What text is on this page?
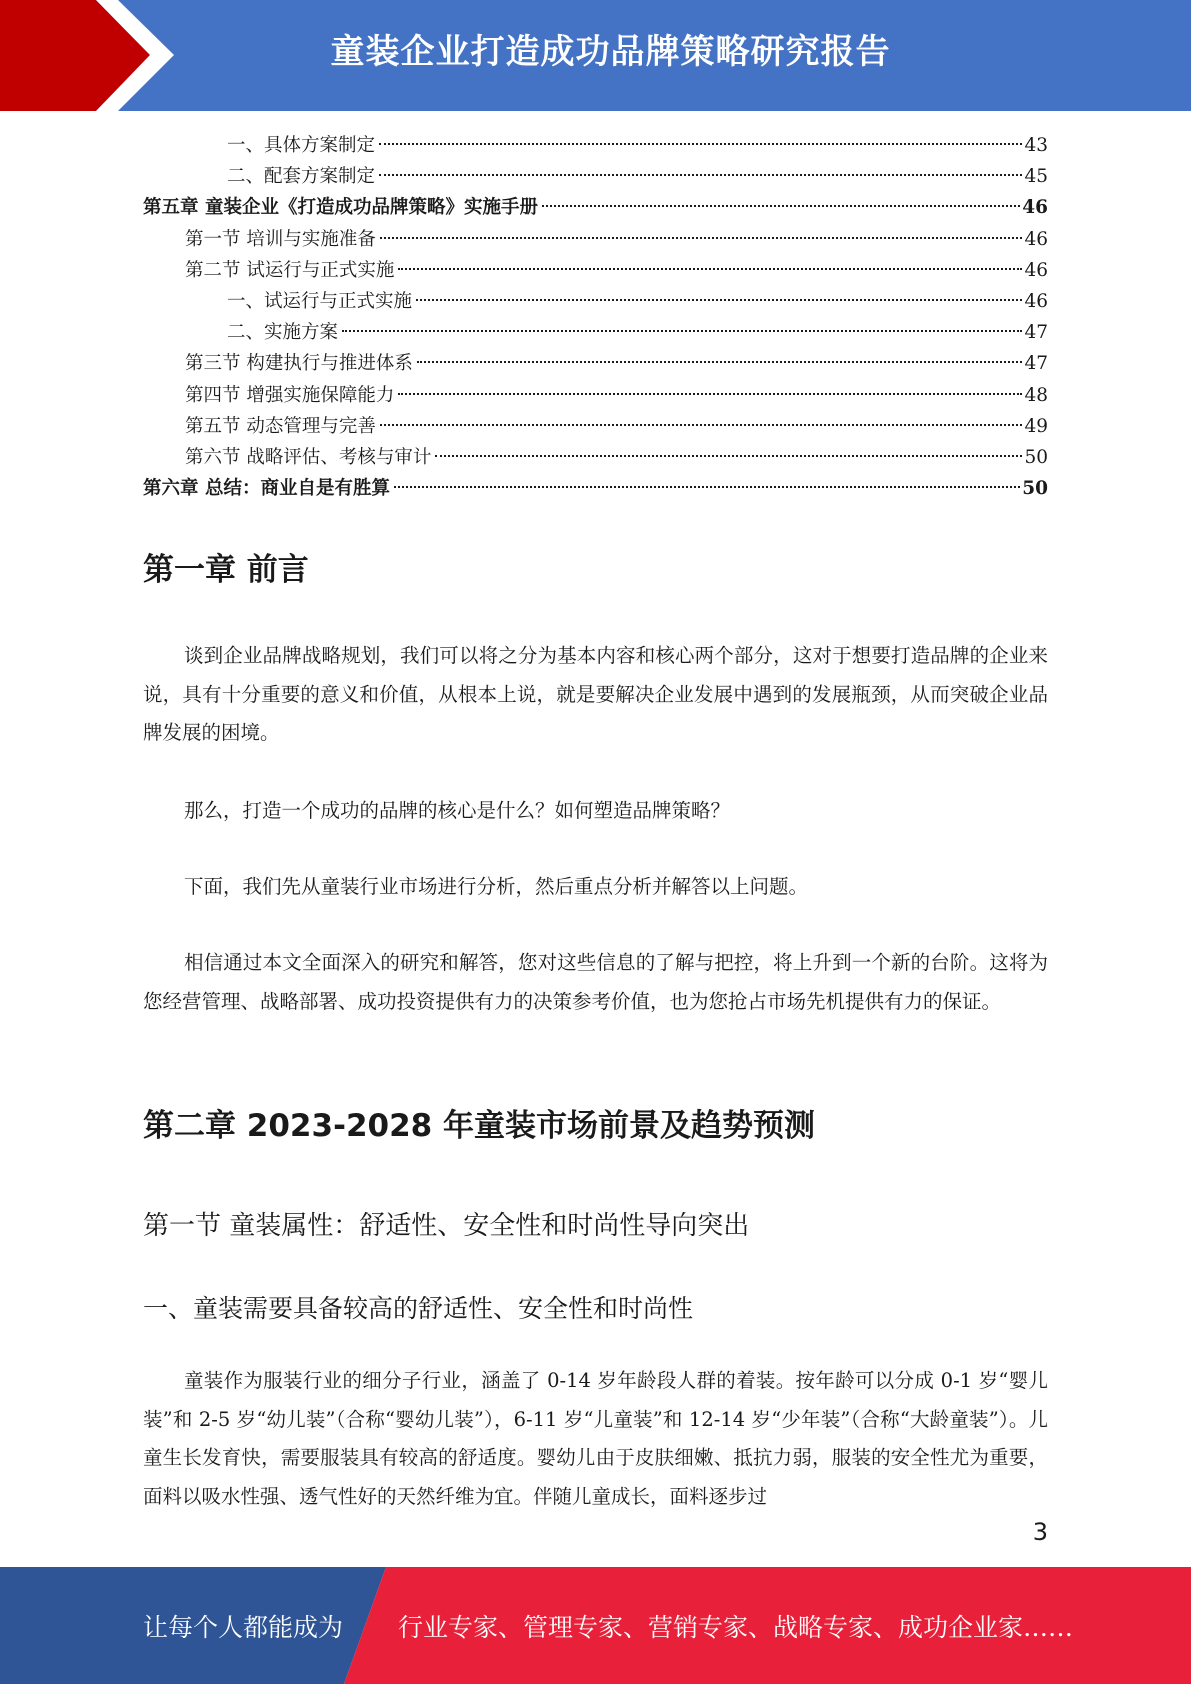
童装企业打造成功品牌策略研究报告
一、具体方案制定	43
二、配套方案制定	45
第五章 童装企业《打造成功品牌策略》实施手册	46
第一节 培训与实施准备	46
第二节 试运行与正式实施	46
一、试运行与正式实施	46
二、实施方案	47
第三节 构建执行与推进体系	47
第四节 增强实施保障能力	48
第五节 动态管理与完善	49
第六节 战略评估、考核与审计	50
第六章 总结：商业自是有胜算	50
第一章 前言

谈到企业品牌战略规划，我们可以将之分为基本内容和核心两个部分，这对于想要打造品牌的企业来说，具有十分重要的意义和价值，从根本上说，就是要解决企业发展中遇到的发展瓶颈，从而突破企业品牌发展的困境。

那么，打造一个成功的品牌的核心是什么？如何塑造品牌策略？

下面，我们先从童装行业市场进行分析，然后重点分析并解答以上问题。

相信通过本文全面深入的研究和解答，您对这些信息的了解与把控，将上升到一个新的台阶。这将为您经营管理、战略部署、成功投资提供有力的决策参考价值，也为您抢占市场先机提供有力的保证。

第二章 2023-2028 年童装市场前景及趋势预测
第一节 童装属性：舒适性、安全性和时尚性导向突出
一、童装需要具备较高的舒适性、安全性和时尚性

童装作为服装行业的细分子行业，涵盖了 0-14 岁年龄段人群的着装。按年龄可以分成 0-1 岁“婴儿装”和 2-5 岁“幼儿装”（合称“婴幼儿装”），6-11 岁“儿童装”和 12-14 岁“少年装”（合称“大龄童装”）。儿童生长发育快，需要服装具有较高的舒适度。婴幼儿由于皮肤细嫩、抵抗力弱，服装的安全性尤为重要，面料以吸水性强、透气性好的天然纤维为宜。伴随儿童成长，面料逐步过

3
让每个人都能成为 行业专家、管理专家、营销专家、战略专家、成功企业家……
